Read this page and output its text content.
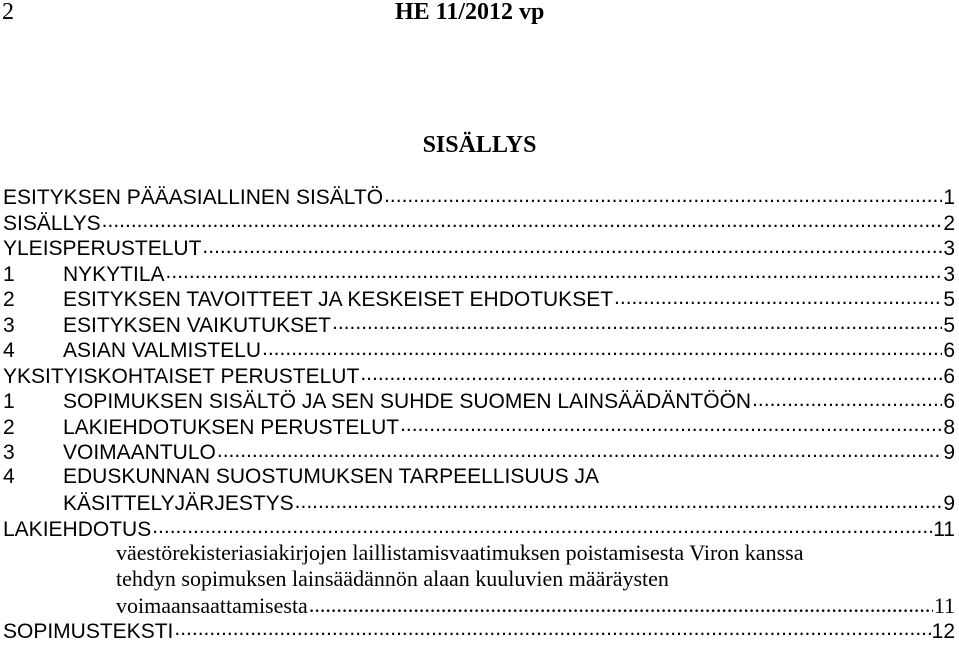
2	HE 11/2012 vp
SISÄLLYS
ESITYKSEN PÄÄASIALLINEN SISÄLTÖ .....	1
SISÄLLYS .....	2
YLEISPERUSTELUT .....	3
1	NYKYTILA .....	3
2	ESITYKSEN TAVOITTEET JA KESKEISET EHDOTUKSET .....	5
3	ESITYKSEN VAIKUTUKSET .....	5
4	ASIAN VALMISTELU .....	6
YKSITYISKOHTAISET PERUSTELUT .....	6
1	SOPIMUKSEN SISÄLTÖ JA SEN SUHDE SUOMEN LAINSÄÄDÄNTÖÖN .....	6
2	LAKIEHDOTUKSEN PERUSTELUT .....	8
3	VOIMAANTULO .....	9
4	EDUSKUNNAN SUOSTUMUKSEN TARPEELLISUUS JA
KÄSITTELYJÄRJESTYS .....	9
LAKIEHDOTUS .....	11
väestörekisteriasiakirjojen laillistamisvaatimuksen poistamisesta Viron kanssa
tehdyn sopimuksen lainsäädännön alaan kuuluvien määräysten
voimaansaattamisesta .....	11
SOPIMUSTEKSTI .....	12
